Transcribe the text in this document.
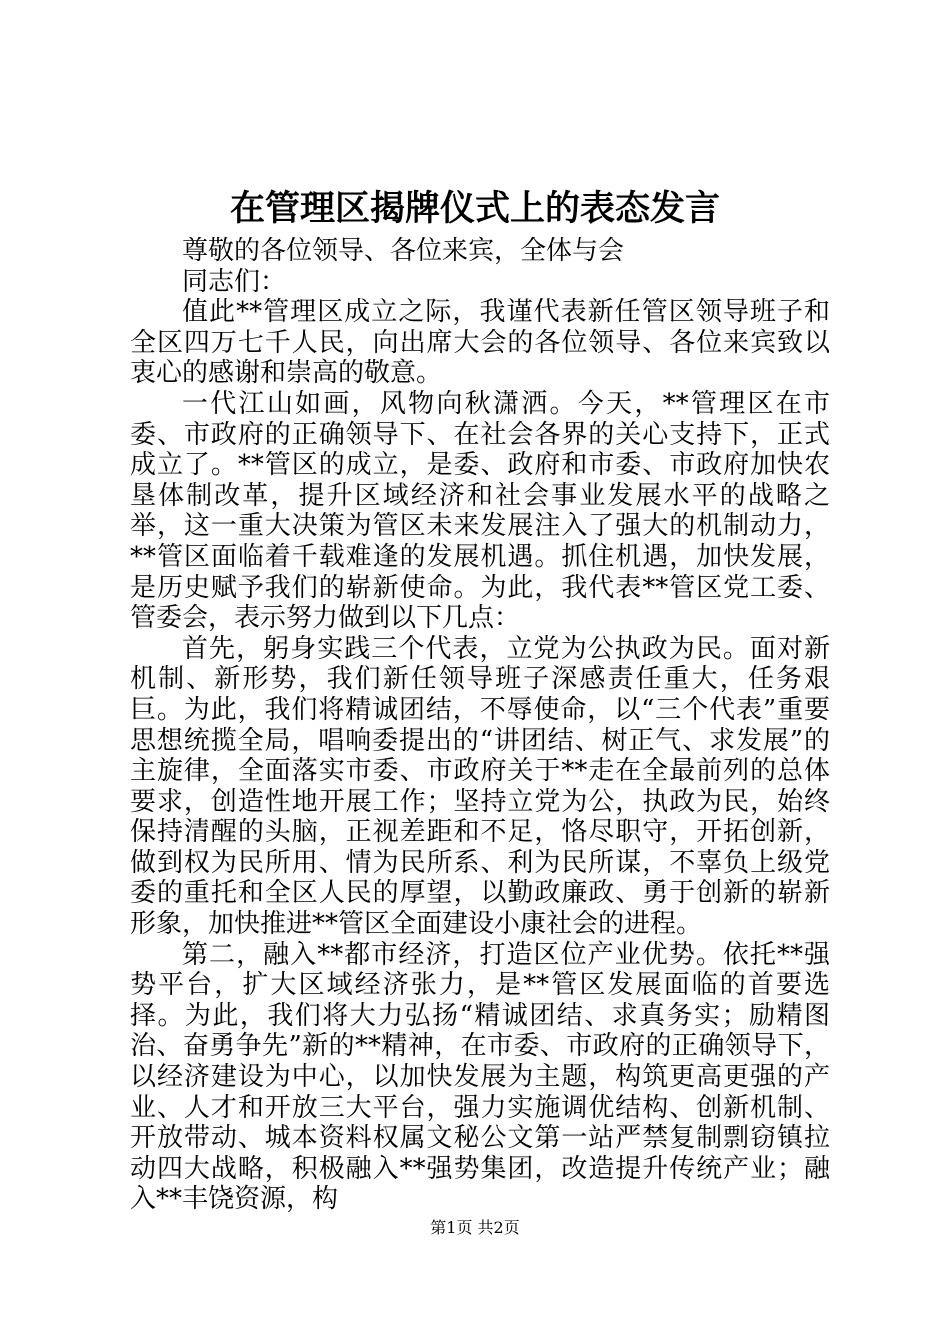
在管理区揭牌仪式上的表态发言

尊敬的各位领导、各位来宾，全体与会

同志们：

值此**管理区成立之际，我谨代表新任管区领导班子和全区四万七千人民，向出席大会的各位领导、各位来宾致以衷心的感谢和崇高的敬意。

一代江山如画，风物向秋潇洒。今天，**管理区在市委、市政府的正确领导下、在社会各界的关心支持下，正式成立了。**管区的成立，是委、政府和市委、市政府加快农垦体制改革，提升区域经济和社会事业发展水平的战略之举，这一重大决策为管区未来发展注入了强大的机制动力，**管区面临着千载难逢的发展机遇。抓住机遇，加快发展，是历史赋予我们的崭新使命。为此，我代表**管区党工委、管委会，表示努力做到以下几点：

首先，躬身实践三个代表，立党为公执政为民。面对新机制、新形势，我们新任领导班子深感责任重大，任务艰巨。为此，我们将精诚团结，不辱使命，以“三个代表”重要思想统揽全局，唱响委提出的“讲团结、树正气、求发展”的主旋律，全面落实市委、市政府关于**走在全最前列的总体要求，创造性地开展工作；坚持立党为公，执政为民，始终保持清醒的头脑，正视差距和不足，恪尽职守，开拓创新，做到权为民所用、情为民所系、利为民所谋，不辜负上级党委的重托和全区人民的厚望，以勤政廉政、勇于创新的崭新形象，加快推进**管区全面建设小康社会的进程。

第二，融入**都市经济，打造区位产业优势。依托**强势平台，扩大区域经济张力，是**管区发展面临的首要选择。为此，我们将大力弘扬“精诚团结、求真务实；励精图治、奋勇争先”新的**精神，在市委、市政府的正确领导下，以经济建设为中心，以加快发展为主题，构筑更高更强的产业、人才和开放三大平台，强力实施调优结构、创新机制、开放带动、城本资料权属文秘公文第一站严禁复制剽窃镇拉动四大战略，积极融入**强势集团，改造提升传统产业；融入**丰饶资源，构

第1页 共2页
